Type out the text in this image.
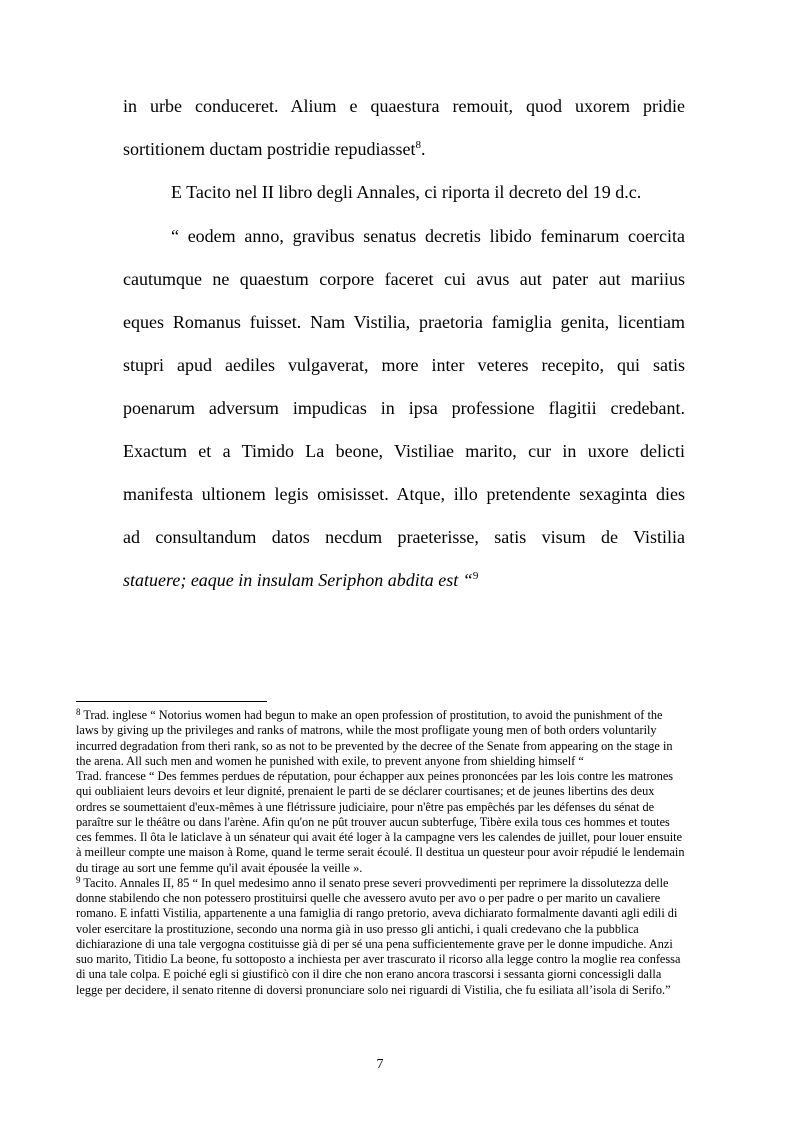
in urbe conduceret. Alium e quaestura remouit, quod uxorem pridie

sortitionem ductam postridie repudiasset$^8$.

E Tacito nel II libro degli Annales, ci riporta il decreto del 19 d.c.

“ eodem anno, gravibus senatus decretis libido feminarum coercita

cautumque ne quaestum corpore faceret cui avus aut pater aut mariius

eques Romanus fuisset. Nam Vistilia, praetoria famiglia genita, licentiam

stupri apud aediles vulgaverat, more inter veteres recepito, qui satis

poenarum adversum impudicas in ipsa professione flagitii credebant.

Exactum et a Timido La beone, Vistiliae marito, cur in uxore delicti

manifesta ultionem legis omisisset. Atque, illo pretendente sexaginta dies

ad consultandum datos necdum praeterisse, satis visum de Vistilia

statuere; eaque in insulam Seriphon abdita est “$^9$

$^8$ Trad. inglese “ Notorius women had begun to make an open profession of prostitution, to avoid the punishment of the laws by giving up the privileges and ranks of matrons, while the most profligate young men of both orders voluntarily incurred degradation from theri rank, so as not to be prevented by the decree of the Senate from appearing on the stage in the arena. All such men and women he punished with exile, to prevent anyone from shielding himself “

Trad. francese “ Des femmes perdues de réputation, pour échapper aux peines prononcées par les lois contre les matrones qui oubliaient leurs devoirs et leur dignité, prenaient le parti de se déclarer courtisanes; et de jeunes libertins des deux ordres se soumettaient d'eux-mêmes à une flétrissure judiciaire, pour n'être pas empêchés par les défenses du sénat de paraître sur le théâtre ou dans l'arène. Afin qu'on ne pût trouver aucun subterfuge, Tibère exila tous ces hommes et toutes ces femmes. Il ôta le laticlave à un sénateur qui avait été loger à la campagne vers les calendes de juillet, pour louer ensuite à meilleur compte une maison à Rome, quand le terme serait écoulé. Il destitua un questeur pour avoir répudié le lendemain du tirage au sort une femme qu'il avait épousée la veille ».

$^9$ Tacito. Annales II, 85 “ In quel medesimo anno il senato prese severi provvedimenti per reprimere la dissolutezza delle donne stabilendo che non potessero prostituirsi quelle che avessero avuto per avo o per padre o per marito un cavaliere romano. E infatti Vistilia, appartenente a una famiglia di rango pretorio, aveva dichiarato formalmente davanti agli edili di voler esercitare la prostituzione, secondo una norma già in uso presso gli antichi, i quali credevano che la pubblica dichiarazione di una tale vergogna costituisse già di per sé una pena sufficientemente grave per le donne impudiche. Anzi suo marito, Titidio La beone, fu sottoposto a inchiesta per aver trascurato il ricorso alla legge contro la moglie rea confessa di una tale colpa. E poiché egli si giustificò con il dire che non erano ancora trascorsi i sessanta giorni concessigli dalla legge per decidere, il senato ritenne di doversi pronunciare solo nei riguardi di Vistilia, che fu esiliata all’isola di Serifo.”

7
